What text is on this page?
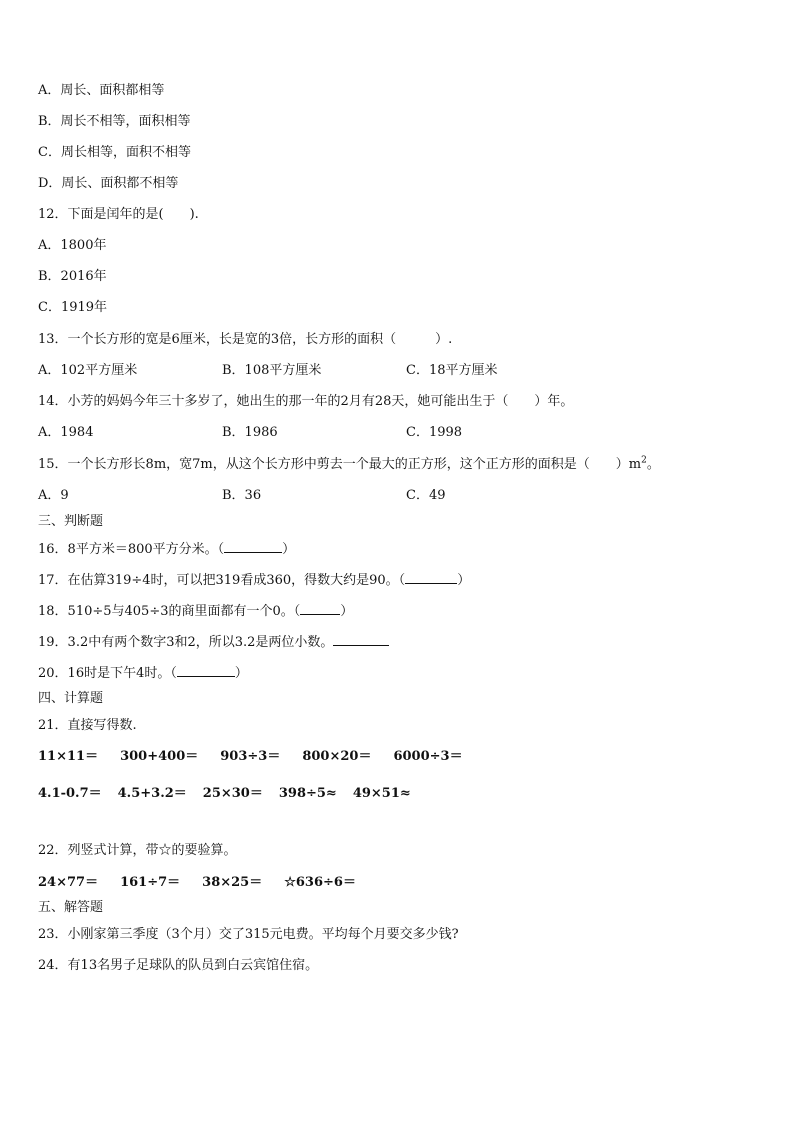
A．周长、面积都相等
B．周长不相等，面积相等
C．周长相等，面积不相等
D．周长、面积都不相等
12．下面是闰年的是(　　).
A．1800年
B．2016年
C．1919年
13．一个长方形的宽是6厘米，长是宽的3倍，长方形的面积（　　　）.
A．102平方厘米	B．108平方厘米	C．18平方厘米
14．小芳的妈妈今年三十多岁了，她出生的那一年的2月有28天，她可能出生于（　　）年。
A．1984	B．1986	C．1998
15．一个长方形长8m，宽7m，从这个长方形中剪去一个最大的正方形，这个正方形的面积是（　　）$m^2$。
A．9	B．36	C．49
三、判断题
16．8平方米＝800平方分米。（	）
17．在估算319÷4时，可以把319看成360，得数大约是90。（	）
18．510÷5与405÷3的商里面都有一个0。（	）
19．3.2中有两个数字3和2，所以3.2是两位小数。
20．16时是下午4时。（	）
四、计算题
21．直接写得数.
11×11＝ 300+400＝ 903÷3＝ 800×20＝ 6000÷3＝
4.1-0.7＝ 4.5+3.2＝ 25×30＝ 398÷5≈ 49×51≈
22．列竖式计算，带☆的要验算。
24×77＝ 161÷7＝ 38×25＝ ☆636÷6＝
五、解答题
23．小刚家第三季度（3个月）交了315元电费。平均每个月要交多少钱?
24．有13名男子足球队的队员到白云宾馆住宿。
